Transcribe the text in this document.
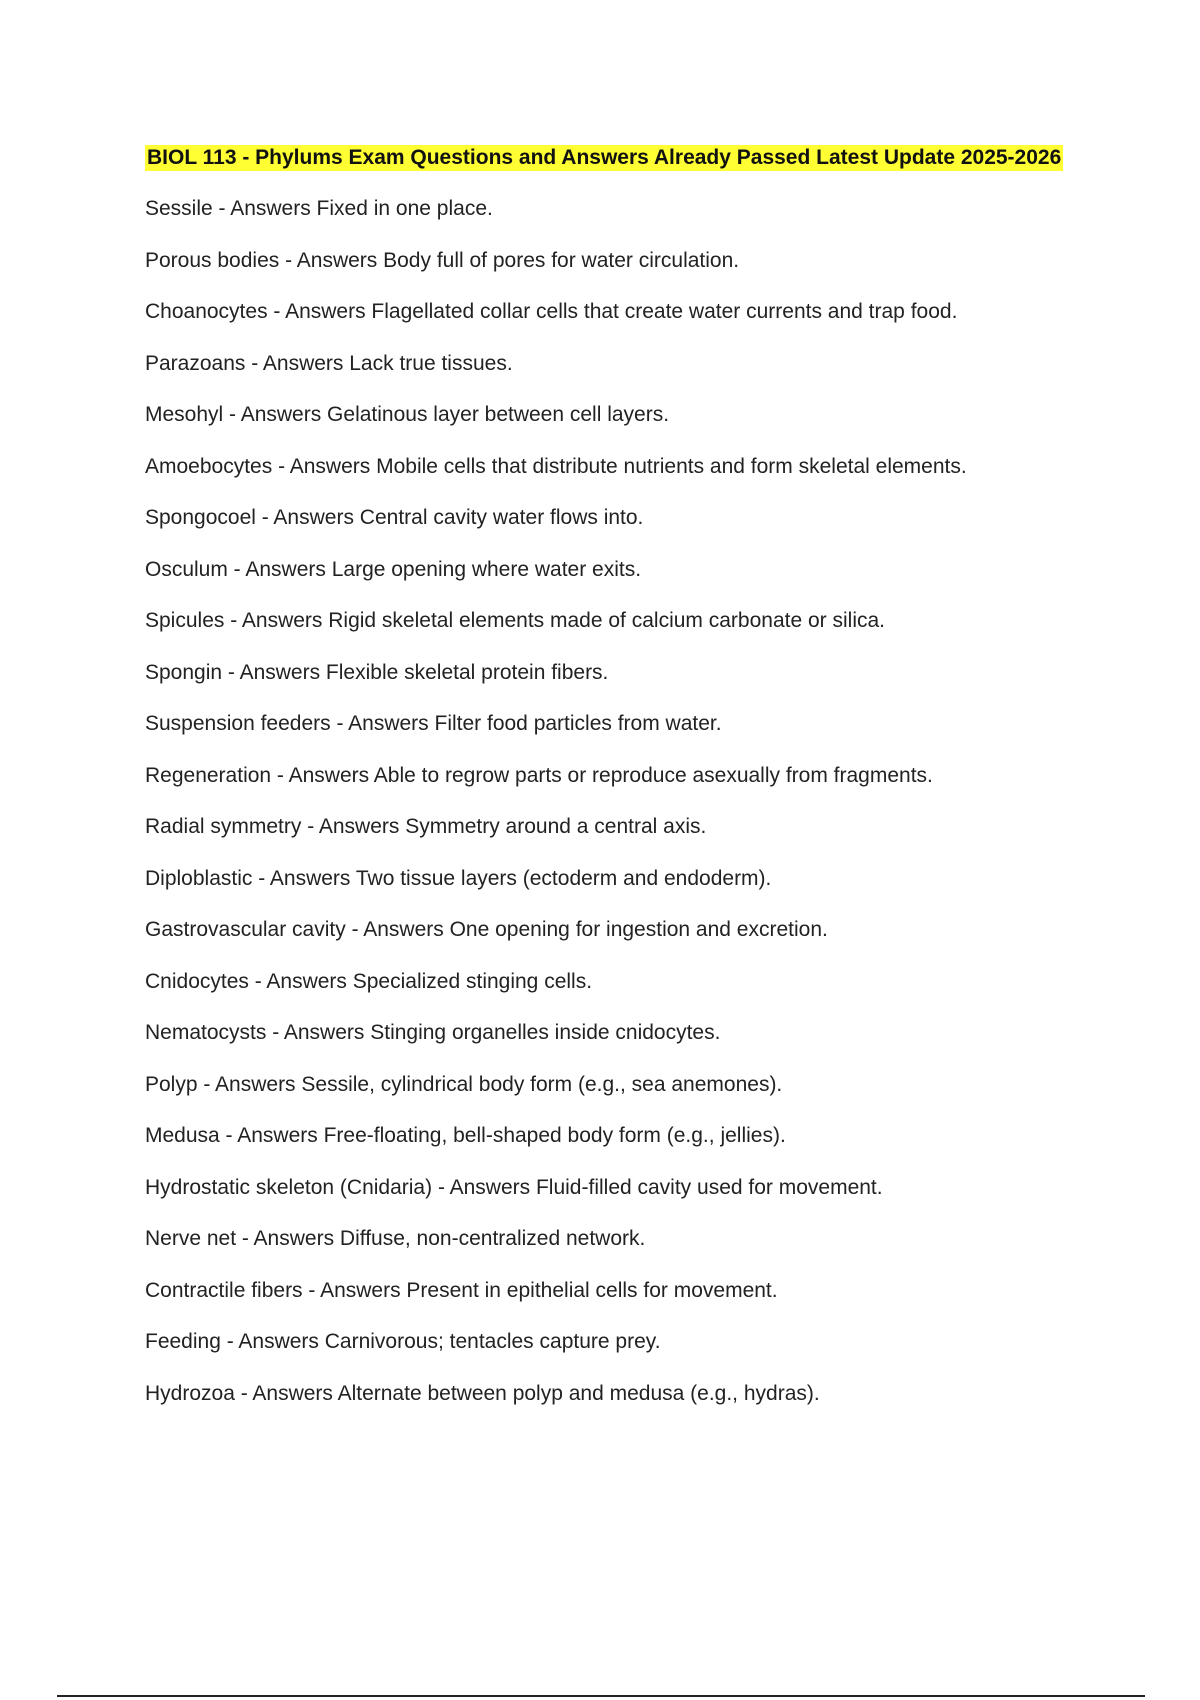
BIOL 113 - Phylums Exam Questions and Answers Already Passed Latest Update 2025-2026
Sessile - Answers Fixed in one place.
Porous bodies - Answers Body full of pores for water circulation.
Choanocytes - Answers Flagellated collar cells that create water currents and trap food.
Parazoans - Answers Lack true tissues.
Mesohyl - Answers Gelatinous layer between cell layers.
Amoebocytes - Answers Mobile cells that distribute nutrients and form skeletal elements.
Spongocoel - Answers Central cavity water flows into.
Osculum - Answers Large opening where water exits.
Spicules - Answers Rigid skeletal elements made of calcium carbonate or silica.
Spongin - Answers Flexible skeletal protein fibers.
Suspension feeders - Answers Filter food particles from water.
Regeneration - Answers Able to regrow parts or reproduce asexually from fragments.
Radial symmetry - Answers Symmetry around a central axis.
Diploblastic - Answers Two tissue layers (ectoderm and endoderm).
Gastrovascular cavity - Answers One opening for ingestion and excretion.
Cnidocytes - Answers Specialized stinging cells.
Nematocysts - Answers Stinging organelles inside cnidocytes.
Polyp - Answers Sessile, cylindrical body form (e.g., sea anemones).
Medusa - Answers Free-floating, bell-shaped body form (e.g., jellies).
Hydrostatic skeleton (Cnidaria) - Answers Fluid-filled cavity used for movement.
Nerve net - Answers Diffuse, non-centralized network.
Contractile fibers - Answers Present in epithelial cells for movement.
Feeding - Answers Carnivorous; tentacles capture prey.
Hydrozoa - Answers Alternate between polyp and medusa (e.g., hydras).
